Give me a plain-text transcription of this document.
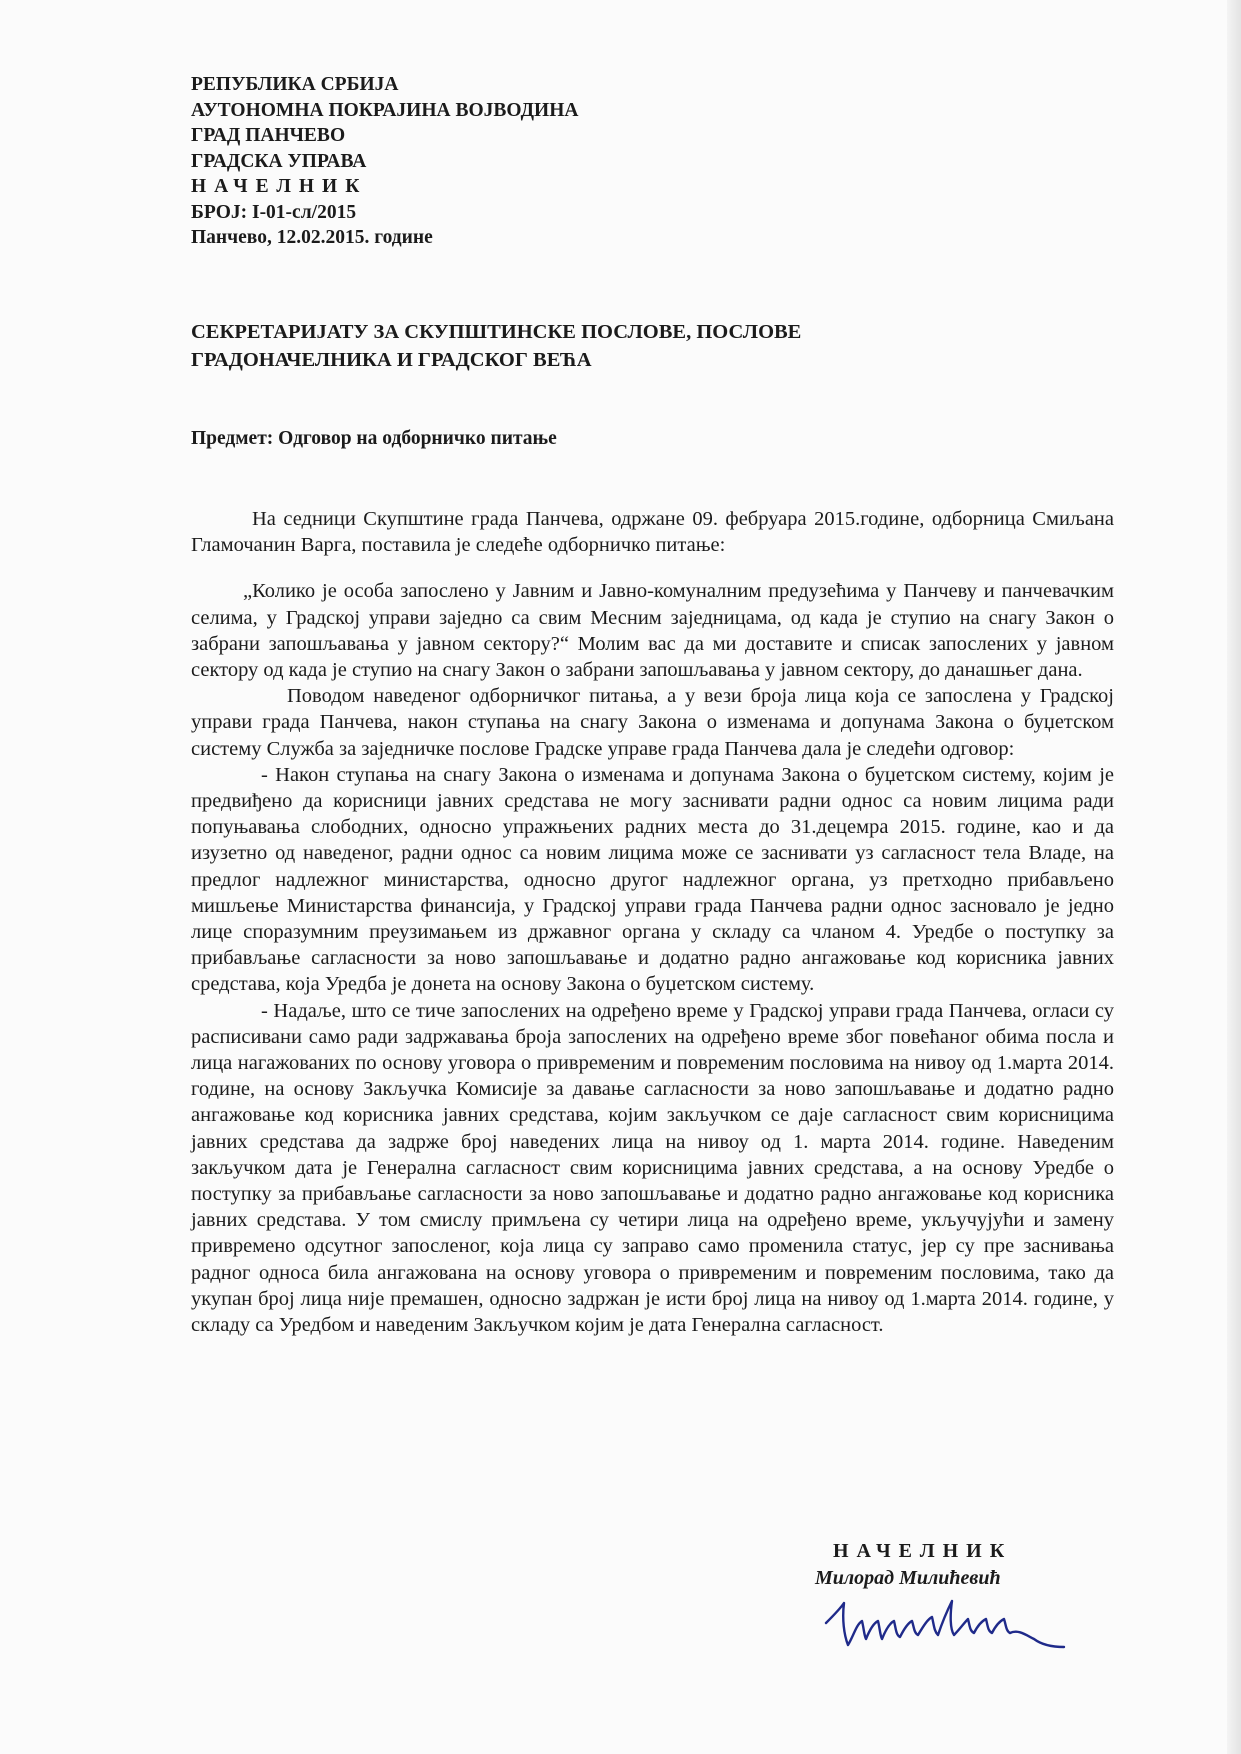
РЕПУБЛИКА СРБИЈА
АУТОНОМНА ПОКРАЈИНА ВОЈВОДИНА
ГРАД ПАНЧЕВО
ГРАДСКА УПРАВА
НАЧЕЛНИК
БРОЈ: I-01-сл/2015
Панчево, 12.02.2015. године
СЕКРЕТАРИЈАТУ ЗА СКУПШТИНСКЕ ПОСЛОВЕ, ПОСЛОВЕ
ГРАДОНАЧЕЛНИКА И ГРАДСКОГ ВЕЋА
Предмет: Одговор на одборничко питање

На седници Скупштине града Панчева, одржане 09. фебруара 2015.године, одборница Смиљана Гламочанин Варга, поставила је следеће одборничко питање:

„Колико је особа запослено у Јавним и Јавно-комуналним предузећима у Панчеву и панчевачким селима, у Градској управи заједно са свим Месним заједницама, од када је ступио на снагу Закон о забрани запошљавања у јавном сектору?“ Молим вас да ми доставите и списак запослених у јавном сектору од када је ступио на снагу Закон о забрани запошљавања у јавном сектору, до данашњег дана.

Поводом наведеног одборничког питања, а у вези броја лица која се запослена у Градској управи града Панчева, након ступања на снагу Закона о изменама и допунама Закона о буџетском систему Служба за заједничке послове Градске управе града Панчева дала је следећи одговор:

- Након ступања на снагу Закона о изменама и допунама Закона о буџетском систему, којим је предвиђено да корисници јавних средстава не могу заснивати радни однос са новим лицима ради попуњавања слободних, односно упражњених радних места до 31.децемра 2015. године, као и да изузетно од наведеног, радни однос са новим лицима може се заснивати уз сагласност тела Владе, на предлог надлежног министарства, односно другог надлежног органа, уз претходно прибављено мишљење Министарства финансија, у Градској управи града Панчева радни однос засновало је једно лице споразумним преузимањем из државног органа у складу са чланом 4. Уредбе о поступку за прибављање сагласности за ново запошљавање и додатно радно ангажовање код корисника јавних средстава, која Уредба је донета на основу Закона о буџетском систему.

- Надаље, што се тиче запослених на одређено време у Градској управи града Панчева, огласи су расписивани само ради задржавања броја запослених на одређено време због повећаног обима посла и лица нагажованих по основу уговора о привременим и повременим пословима на нивоу од 1.марта 2014. године, на основу Закључка Комисије за давање сагласности за ново запошљавање и додатно радно ангажовање код корисника јавних средстава, којим закључком се даје сагласност свим корисницима јавних средстава да задрже број наведених лица на нивоу од 1. марта 2014. године. Наведеним закључком дата је Генерална сагласност свим корисницима јавних средстава, а на основу Уредбе о поступку за прибављање сагласности за ново запошљавање и додатно радно ангажовање код корисника јавних средстава. У том смислу примљена су четири лица на одређено време, укључујући и замену привремено одсутног запосленог, која лица су заправо само променила статус, јер су пре заснивања радног односа била ангажована на основу уговора о привременим и повременим пословима, тако да укупан број лица није премашен, односно задржан је исти број лица на нивоу од 1.марта 2014. године, у складу са Уредбом и наведеним Закључком којим је дата Генерална сагласност.

НАЧЕЛНИК
Милорад Милићевић
